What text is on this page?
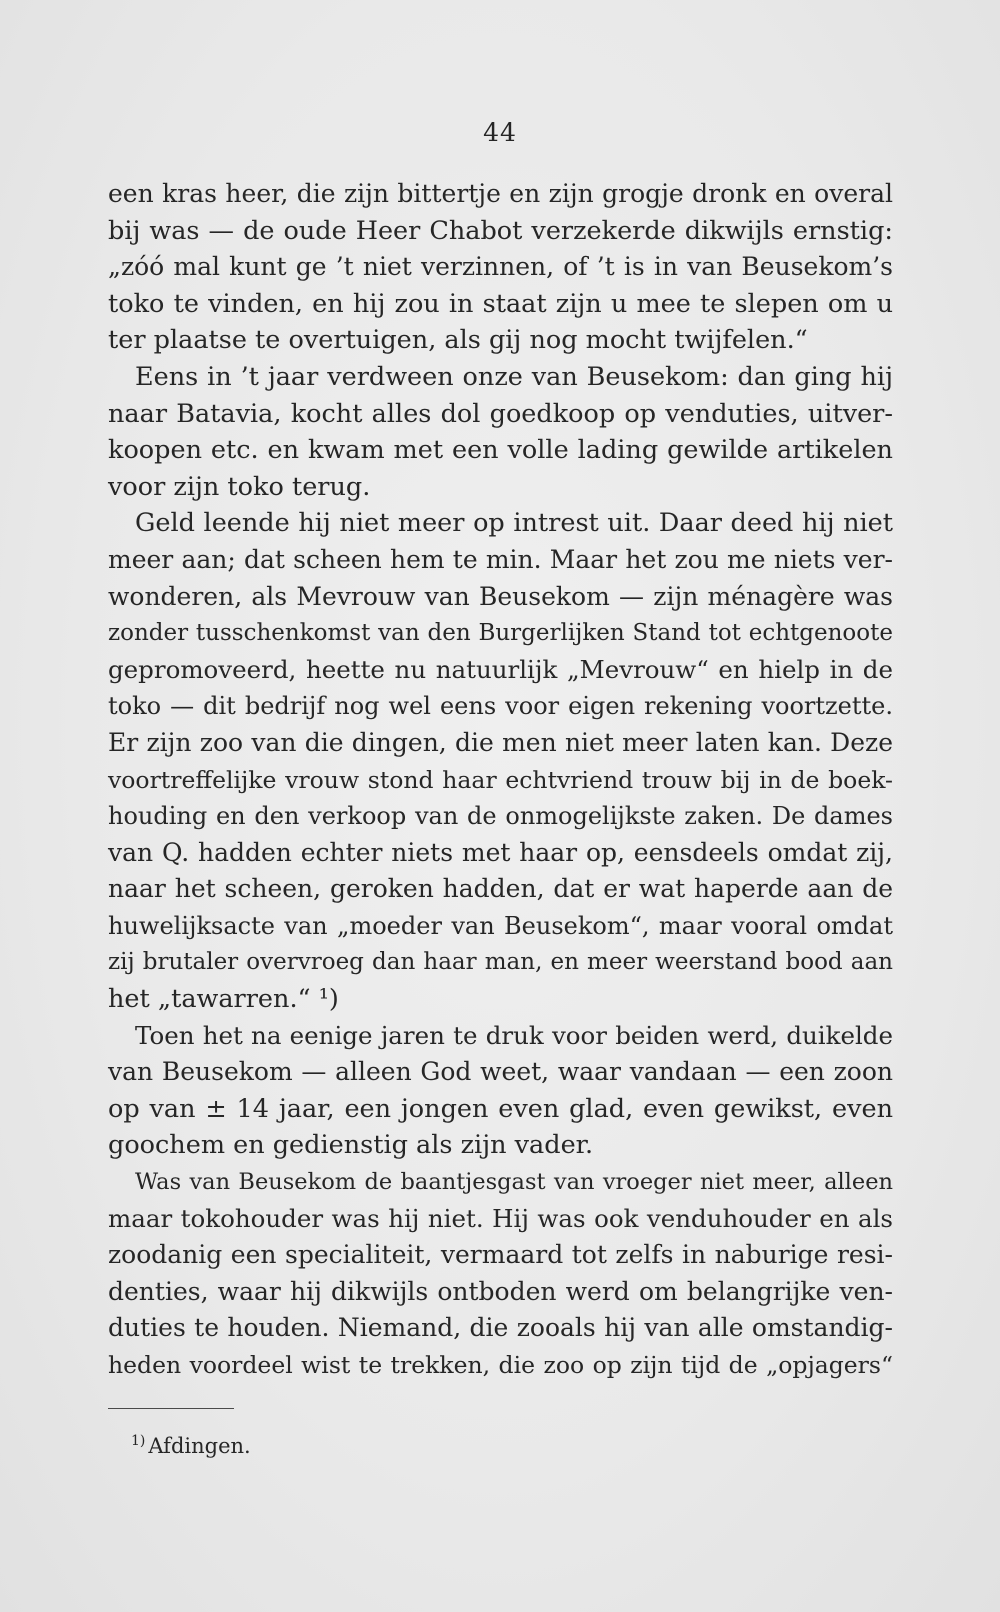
44
een kras heer, die zijn bittertje en zijn grogje dronk en overal
bij was — de oude Heer Chabot verzekerde dikwijls ernstig:
„zóó mal kunt ge ’t niet verzinnen, of ’t is in van Beusekom’s
toko te vinden, en hij zou in staat zijn u mee te slepen om u
ter plaatse te overtuigen, als gij nog mocht twijfelen.“
Eens in ’t jaar verdween onze van Beusekom: dan ging hij
naar Batavia, kocht alles dol goedkoop op venduties, uitver-
koopen etc. en kwam met een volle lading gewilde artikelen
voor zijn toko terug.
Geld leende hij niet meer op intrest uit. Daar deed hij niet
meer aan; dat scheen hem te min. Maar het zou me niets ver-
wonderen, als Mevrouw van Beusekom — zijn ménagère was
zonder tusschenkomst van den Burgerlijken Stand tot echtgenoote
gepromoveerd, heette nu natuurlijk „Mevrouw“ en hielp in de
toko — dit bedrijf nog wel eens voor eigen rekening voortzette.
Er zijn zoo van die dingen, die men niet meer laten kan. Deze
voortreffelijke vrouw stond haar echtvriend trouw bij in de boek-
houding en den verkoop van de onmogelijkste zaken. De dames
van Q. hadden echter niets met haar op, eensdeels omdat zij,
naar het scheen, geroken hadden, dat er wat haperde aan de
huwelijksacte van „moeder van Beusekom“, maar vooral omdat
zij brutaler overvroeg dan haar man, en meer weerstand bood aan
het „tawarren.“ ¹)
Toen het na eenige jaren te druk voor beiden werd, duikelde
van Beusekom — alleen God weet, waar vandaan — een zoon
op van ± 14 jaar, een jongen even glad, even gewikst, even
goochem en gedienstig als zijn vader.
Was van Beusekom de baantjesgast van vroeger niet meer, alleen
maar tokohouder was hij niet. Hij was ook venduhouder en als
zoodanig een specialiteit, vermaard tot zelfs in naburige resi-
denties, waar hij dikwijls ontboden werd om belangrijke ven-
duties te houden. Niemand, die zooals hij van alle omstandig-
heden voordeel wist te trekken, die zoo op zijn tijd de „opjagers“
$^{1)}$ Afdingen.
